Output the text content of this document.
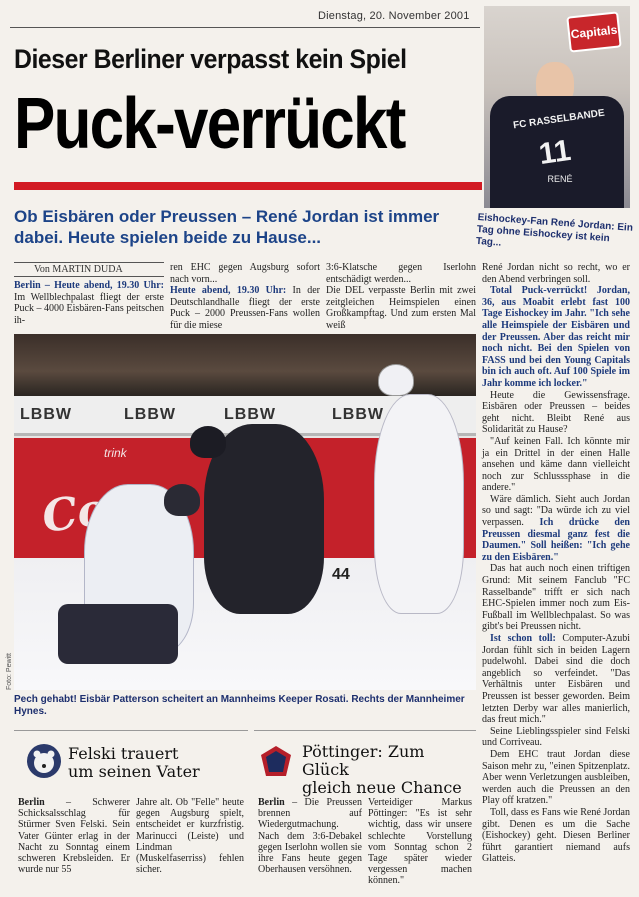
Dienstag, 20. November 2001
Dieser Berliner verpasst kein Spiel
Puck-verrückt
Ob Eisbären oder Preussen – René Jordan ist immer dabei. Heute spielen beide zu Hause...
Capitals
FC RASSELBANDE
11
RENÉ
Eishockey-Fan René Jordan: Ein Tag ohne Eishockey ist kein Tag...
Von MARTIN DUDA
Berlin – Heute abend, 19.30 Uhr: Im Wellblechpalast fliegt der erste Puck – 4000 Eisbären-Fans peitschen ih-
ren EHC gegen Augsburg sofort nach vorn...
Heute abend, 19.30 Uhr: In der Deutschlandhalle fliegt der erste Puck – 2000 Preussen-Fans wollen für die miese
3:6-Klatsche gegen Iserlohn entschädigt werden...
Die DEL verpasste Berlin mit zwei zeitgleichen Heimspielen einen Großkampftag. Und zum ersten Mal weiß

René Jordan nicht so recht, wo er den Abend verbringen soll.

Total Puck-verrückt! Jordan, 36, aus Moabit erlebt fast 100 Tage Eishockey im Jahr. "Ich sehe alle Heimspiele der Eisbären und der Preussen. Aber das reicht mir noch nicht. Bei den Spielen von FASS und bei den Young Capitals bin ich auch oft. Auf 100 Spiele im Jahr komme ich locker."

Heute die Gewissensfrage. Eisbären oder Preussen – beides geht nicht. Bleibt René aus Solidarität zu Hause?

"Auf keinen Fall. Ich könnte mir ja ein Drittel in der einen Halle ansehen und käme dann vielleicht noch zur Schlusssphase in die andere."

Wäre dämlich. Sieht auch Jordan so und sagt: "Da würde ich zu viel verpassen. Ich drücke den Preussen diesmal ganz fest die Daumen." Soll heißen: "Ich gehe zu den Eisbären."

Das hat auch noch einen triftigen Grund: Mit seinem Fanclub "FC Rasselbande" trifft er sich nach EHC-Spielen immer noch zum Eis-Fußball im Wellblechpalast. So was gibt's bei Preussen nicht.

Ist schon toll: Computer-Azubi Jordan fühlt sich in beiden Lagern pudelwohl. Dabei sind die doch angeblich so verfeindet. "Das Verhältnis unter Eisbären und Preussen ist besser geworden. Beim letzten Derby war alles manierlich, das freut mich."

Seine Lieblingsspieler sind Felski und Corriveau.

Dem EHC traut Jordan diese Saison mehr zu, "einen Spitzenplatz. Aber wenn Verletzungen ausbleiben, werden auch die Preussen an den Play off kratzen."

Toll, dass es Fans wie René Jordan gibt. Denen es um die Sache (Eishockey) geht. Diesen Berliner führt garantiert niemand aufs Glatteis.

LBBW	LBBW	LBBW	LBBW
trink
44
Foto: Pewitt
Pech gehabt! Eisbär Patterson scheitert an Mannheims Keeper Rosati. Rechts der Mannheimer Hynes.
Felski trauert
um seinen Vater
Berlin – Schwerer Schicksalsschlag für Stürmer Sven Felski. Sein Vater Günter erlag in der Nacht zu Sonntag einem schweren Krebsleiden. Er wurde nur 55
Jahre alt. Ob "Felle" heute gegen Augsburg spielt, entscheidet er kurzfristig. Marinucci (Leiste) und Lindman (Muskelfaserriss) fehlen sicher.
Pöttinger: Zum Glück
gleich neue Chance
Berlin – Die Preussen brennen auf Wiedergutmachung. Nach dem 3:6-Debakel gegen Iserlohn wollen sie ihre Fans heute gegen Oberhausen versöhnen.
Verteidiger Markus Pöttinger: "Es ist sehr wichtig, dass wir unsere schlechte Vorstellung vom Sonntag schon 2 Tage später wieder vergessen machen können."
